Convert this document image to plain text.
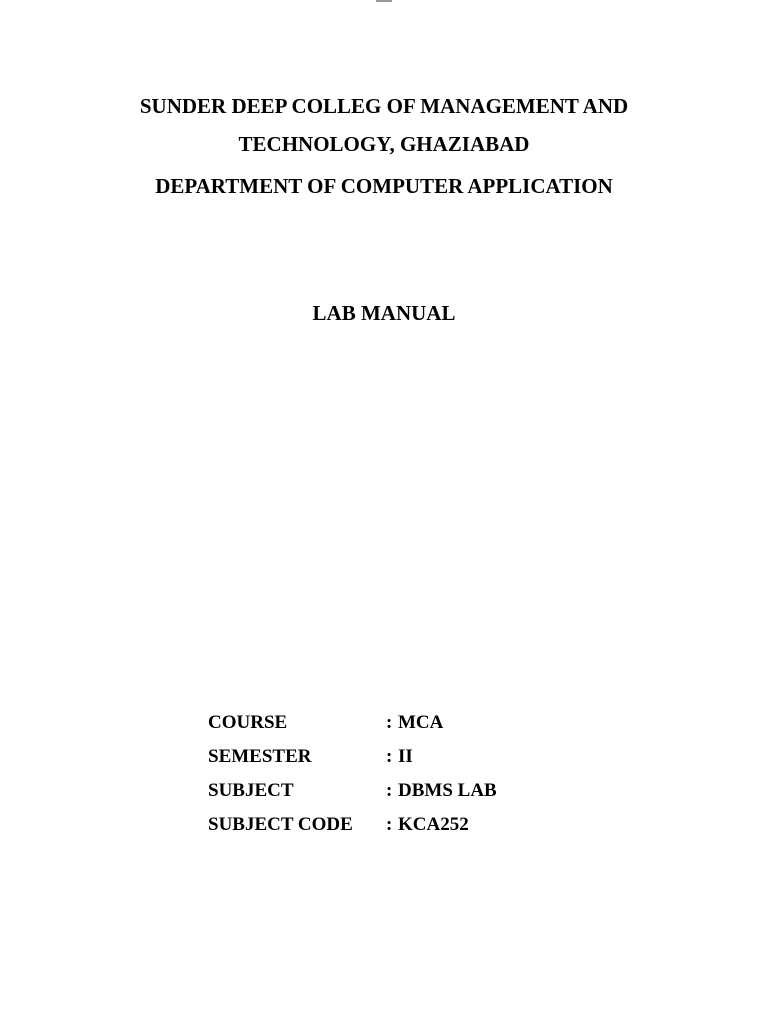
SUNDER DEEP COLLEG OF MANAGEMENT AND
TECHNOLOGY, GHAZIABAD
DEPARTMENT OF COMPUTER APPLICATION
LAB MANUAL
COURSE	: MCA
SEMESTER	: II
SUBJECT	: DBMS LAB
SUBJECT CODE : KCA252
